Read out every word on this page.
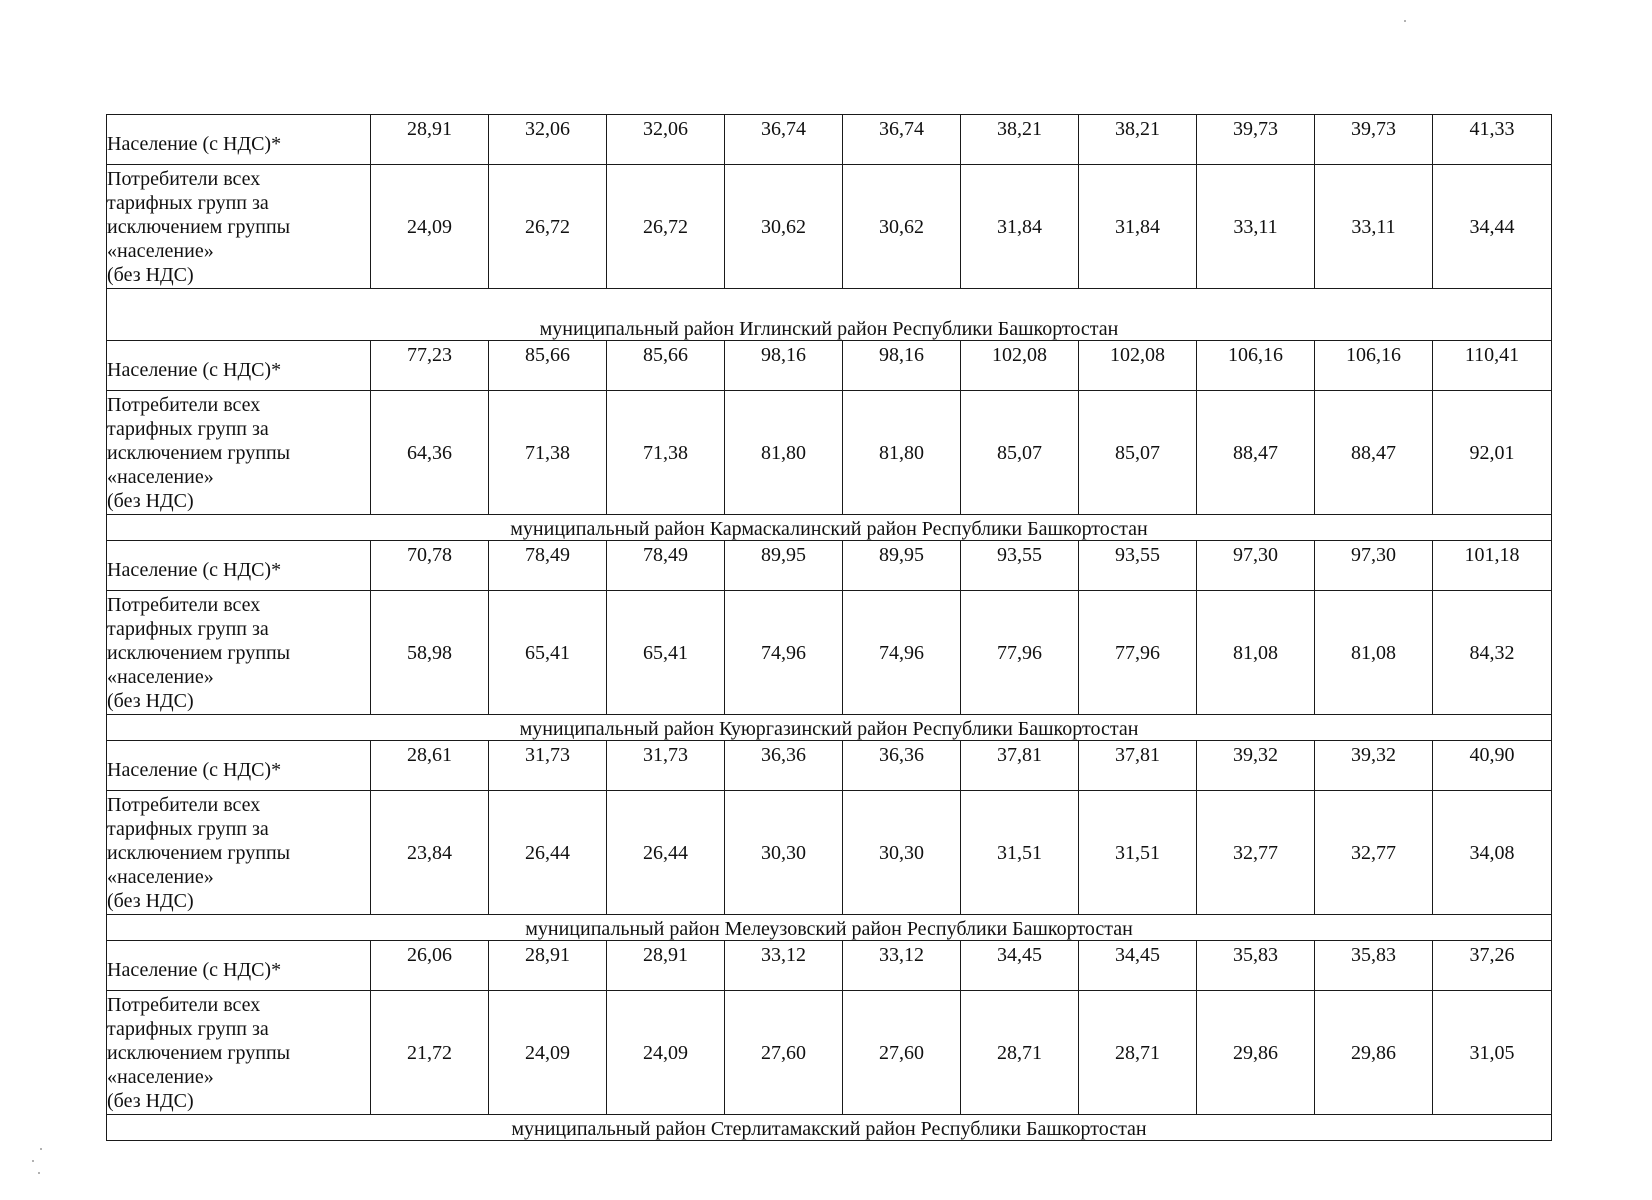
Население (с НДС)*	28,91	32,06	32,06	36,74	36,74	38,21	38,21	39,73	39,73	41,33

Потребители всех
тарифных групп за
исключением группы
«население»
(без НДС)	24,09	26,72	26,72	30,62	30,62	31,84	31,84	33,11	33,11	34,44
муниципальный район Иглинский район Республики Башкортостан										

Население (с НДС)*	77,23	85,66	85,66	98,16	98,16	102,08	102,08	106,16	106,16	110,41

Потребители всех
тарифных групп за
исключением группы
«население»
(без НДС)	64,36	71,38	71,38	81,80	81,80	85,07	85,07	88,47	88,47	92,01
муниципальный район Кармаскалинский район Республики Башкортостан										

Население (с НДС)*	70,78	78,49	78,49	89,95	89,95	93,55	93,55	97,30	97,30	101,18

Потребители всех
тарифных групп за
исключением группы
«население»
(без НДС)	58,98	65,41	65,41	74,96	74,96	77,96	77,96	81,08	81,08	84,32
муниципальный район Куюргазинский район Республики Башкортостан										

Население (с НДС)*	28,61	31,73	31,73	36,36	36,36	37,81	37,81	39,32	39,32	40,90

Потребители всех
тарифных групп за
исключением группы
«население»
(без НДС)	23,84	26,44	26,44	30,30	30,30	31,51	31,51	32,77	32,77	34,08
муниципальный район Мелеузовский район Республики Башкортостан										

Население (с НДС)*	26,06	28,91	28,91	33,12	33,12	34,45	34,45	35,83	35,83	37,26

Потребители всех
тарифных групп за
исключением группы
«население»
(без НДС)	21,72	24,09	24,09	27,60	27,60	28,71	28,71	29,86	29,86	31,05
муниципальный район Стерлитамакский район Республики Башкортостан										
